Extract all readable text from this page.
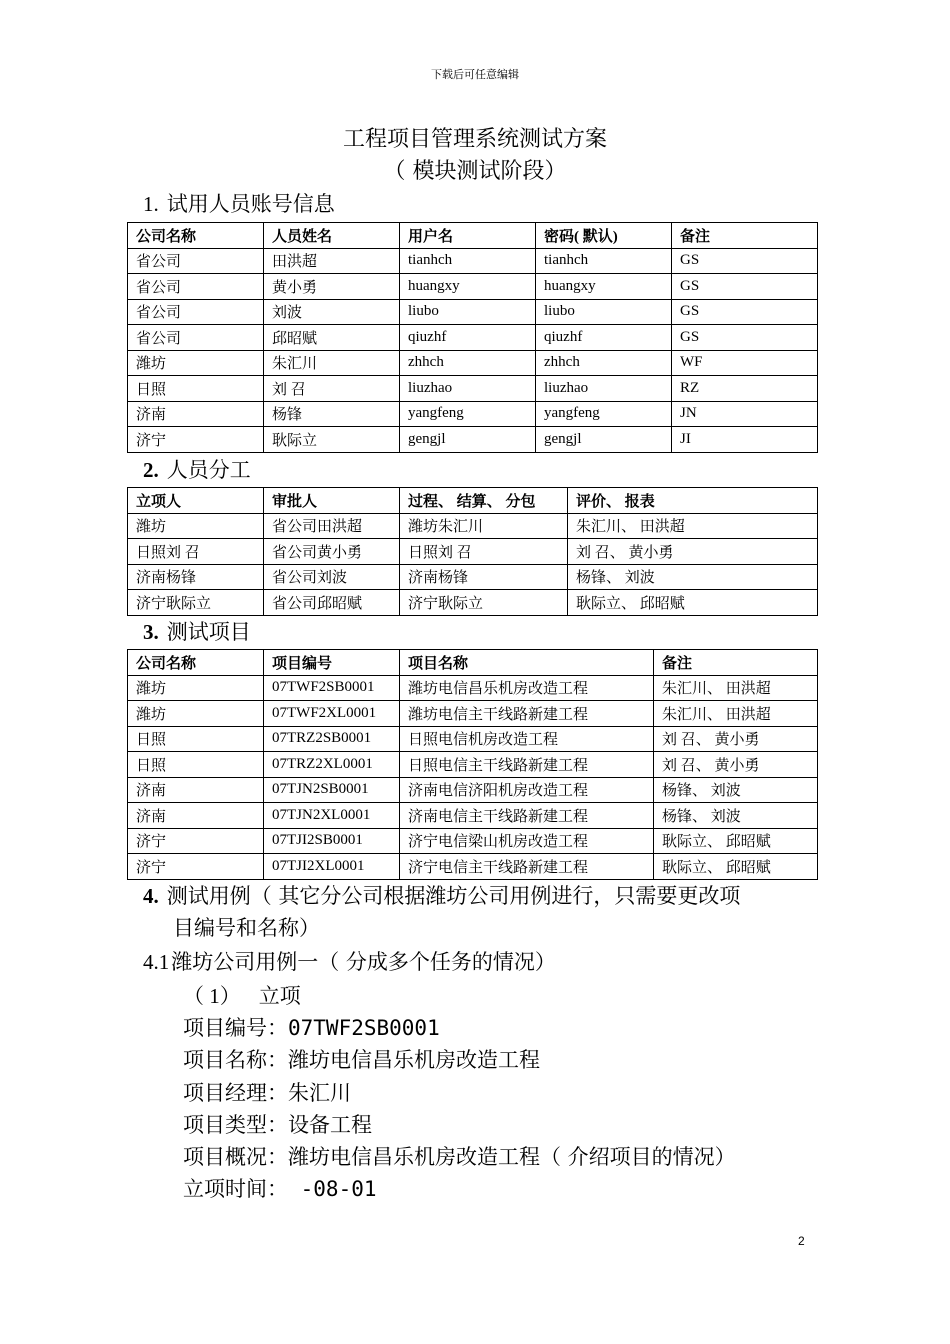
下载后可任意编辑
工程项目管理系统测试方案
（ 模块测试阶段）
1. 试用人员账号信息
公司名称	人员姓名	用户名	密码( 默认)	备注
省公司	田洪超	tianhch	tianhch	GS
省公司	黄小勇	huangxy	huangxy	GS
省公司	刘波	liubo	liubo	GS
省公司	邱昭赋	qiuzhf	qiuzhf	GS
潍坊	朱汇川	zhhch	zhhch	WF
日照	刘 召	liuzhao	liuzhao	RZ
济南	杨锋	yangfeng	yangfeng	JN
济宁	耿际立	gengjl	gengjl	JI
2. 人员分工
立项人	审批人	过程、 结算、 分包	评价、 报表
潍坊	省公司田洪超	潍坊朱汇川	朱汇川、 田洪超
日照刘 召	省公司黄小勇	日照刘 召	刘 召、 黄小勇
济南杨锋	省公司刘波	济南杨锋	杨锋、 刘波
济宁耿际立	省公司邱昭赋	济宁耿际立	耿际立、 邱昭赋
3. 测试项目
公司名称	项目编号	项目名称	备注
潍坊	07TWF2SB0001	潍坊电信昌乐机房改造工程	朱汇川、 田洪超
潍坊	07TWF2XL0001	潍坊电信主干线路新建工程	朱汇川、 田洪超
日照	07TRZ2SB0001	日照电信机房改造工程	刘 召、 黄小勇
日照	07TRZ2XL0001	日照电信主干线路新建工程	刘 召、 黄小勇
济南	07TJN2SB0001	济南电信济阳机房改造工程	杨锋、 刘波
济南	07TJN2XL0001	济南电信主干线路新建工程	杨锋、 刘波
济宁	07TJI2SB0001	济宁电信梁山机房改造工程	耿际立、 邱昭赋
济宁	07TJI2XL0001	济宁电信主干线路新建工程	耿际立、 邱昭赋
4. 测试用例（ 其它分公司根据潍坊公司用例进行，只需要更改项
目编号和名称）
4.1潍坊公司用例一（ 分成多个任务的情况）
（ 1） 立项
项目编号：07TWF2SB0001
项目名称：潍坊电信昌乐机房改造工程
项目经理：朱汇川
项目类型：设备工程
项目概况：潍坊电信昌乐机房改造工程（ 介绍项目的情况）
立项时间： -08-01
2
